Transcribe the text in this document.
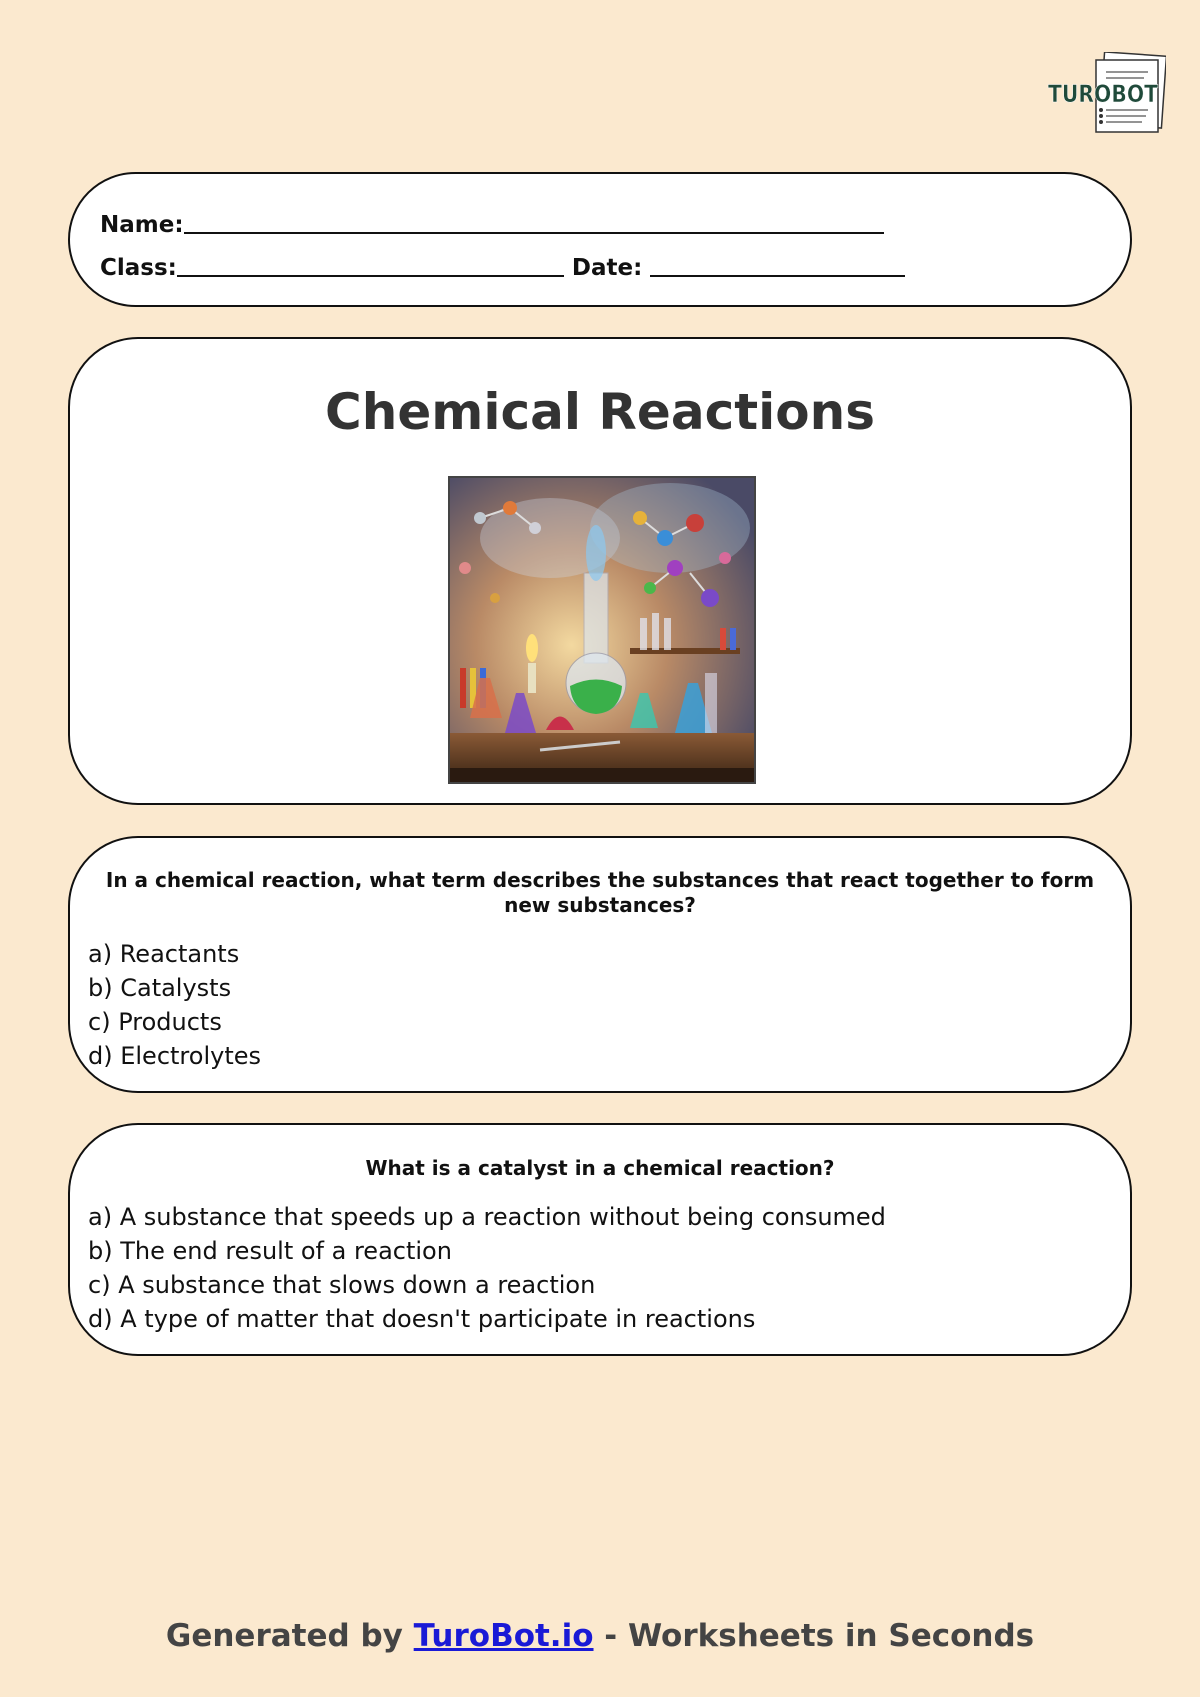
TUROBOT
Name:
Class:	Date:
Chemical Reactions
In a chemical reaction, what term describes the substances that react together to form new substances?
a) Reactants
b) Catalysts
c) Products
d) Electrolytes
What is a catalyst in a chemical reaction?
a) A substance that speeds up a reaction without being consumed
b) The end result of a reaction
c) A substance that slows down a reaction
d) A type of matter that doesn't participate in reactions
Generated by TuroBot.io - Worksheets in Seconds
